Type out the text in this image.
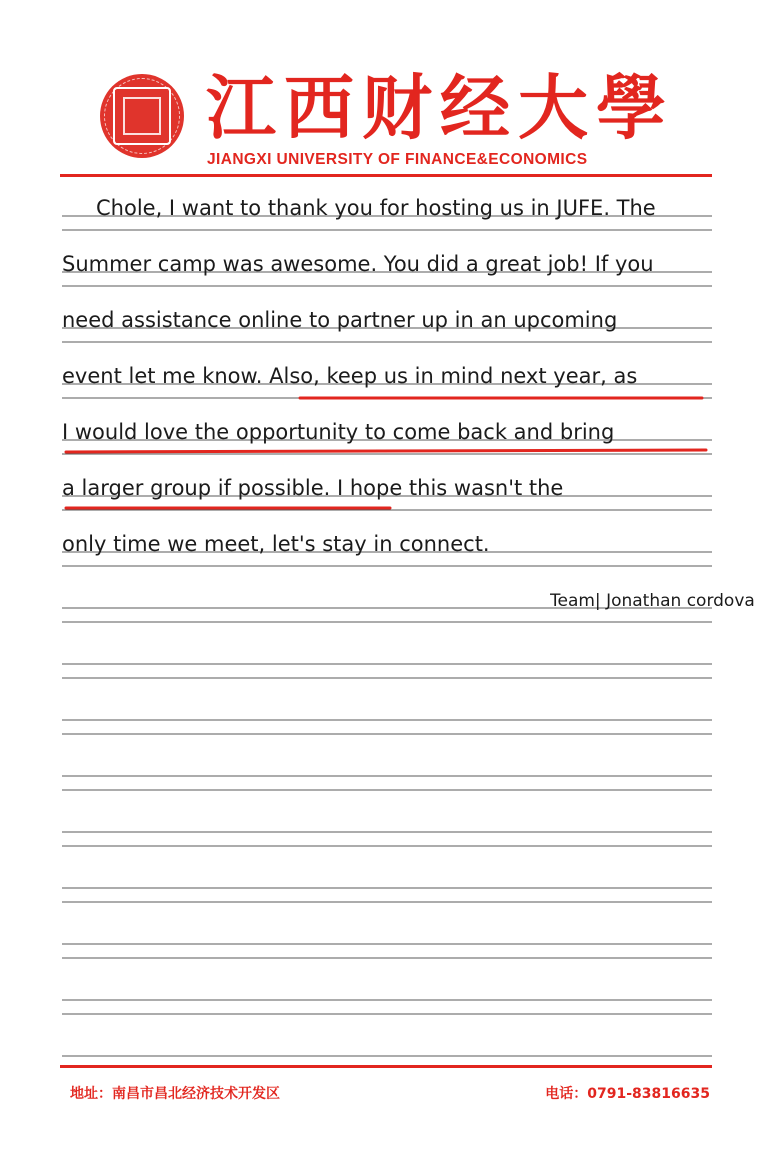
江西财经大學
JIANGXI UNIVERSITY OF FINANCE&ECONOMICS
Chole, I want to thank you for hosting us in JUFE. The
Summer camp was awesome. You did a great job! If you
need assistance online to partner up in an upcoming
event let me know. Also, keep us in mind next year, as
I would love the opportunity to come back and bring
a larger group if possible. I hope this wasn't the
only time we meet, let's stay in connect.
Team| Jonathan cordova
地址：南昌市昌北经济技术开发区	电话：0791-83816635
